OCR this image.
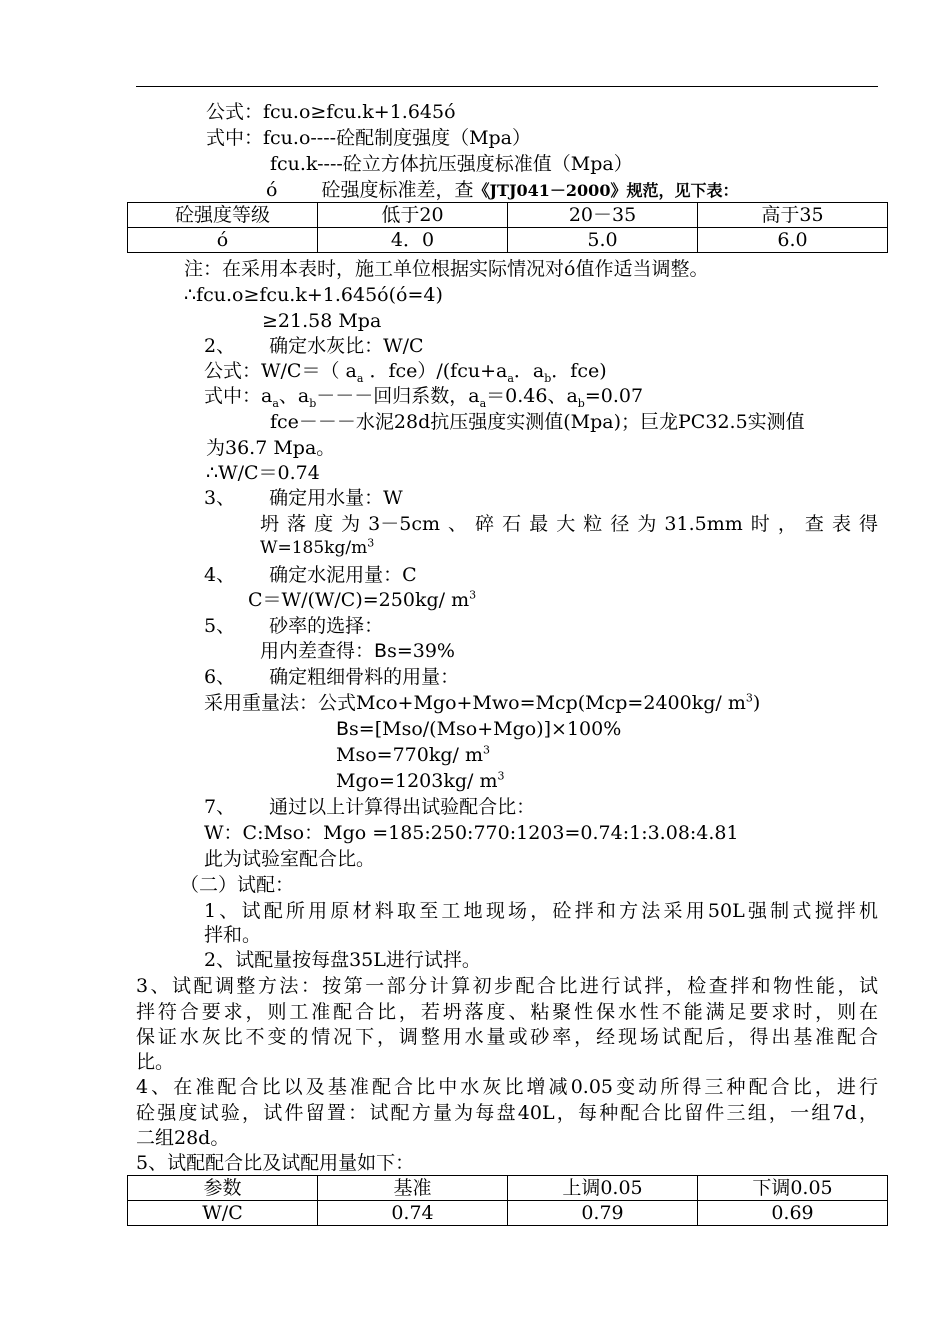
公式：fcu.o≥fcu.k+1.645ó
式中：fcu.o----砼配制度强度（Mpa）
fcu.k----砼立方体抗压强度标准值（Mpa）
ó 砼强度标准差，查《JTJ041－2000》规范，见下表：
砼强度等级	低于20	20－35	高于35
ó	4．0	5.0	6.0
注：在采用本表时，施工单位根据实际情况对ó值作适当调整。
∴fcu.o≥fcu.k+1.645ó(ó=4)
≥21.58 Mpa
2、 确定水灰比：W/C
公式：W/C＝（ $a_a$ ．$fce)/(fcu+a_a$．$a_b$．fce)
式中：$a_a$、$a_b---$回归系数，$a_a=0.46$、$a_b=0.07$
fce－－－水泥28d抗压强度实测值(Mpa)；巨龙PC32.5实测值
为36.7 Mpa。
∴W/C＝0.74
3、 确定用水量：W
坍落度为3－5cm、碎石最大粒径为31.5mm时，查表得
$W=185kg/m^3$
4、 确定水泥用量：C
C＝W/(W/C)=250kg/ $m^3$
5、 砂率的选择：
用内差查得：Bs=39%
6、 确定粗细骨料的用量：
采用重量法：公式Mco+Mgo+Mwo=Mcp(Mcp=2400kg/ $m^3$)
Bs=[Mso/(Mso+Mgo)]×100%
Mso=770kg/ $m^3$
Mgo=1203kg/ $m^3$
7、 通过以上计算得出试验配合比：
W：C:Mso：Mgo =185:250:770:1203=0.74:1:3.08:4.81
此为试验室配合比。
（二）试配：
1、试配所用原材料取至工地现场，砼拌和方法采用50L强制式搅拌机
拌和。
2、试配量按每盘35L进行试拌。
3、试配调整方法：按第一部分计算初步配合比进行试拌，检查拌和物性能，试
拌符合要求，则工准配合比，若坍落度、粘聚性保水性不能满足要求时，则在
保证水灰比不变的情况下，调整用水量或砂率，经现场试配后，得出基准配合
比。
4、在准配合比以及基准配合比中水灰比增减0.05变动所得三种配合比，进行
砼强度试验，试件留置：试配方量为每盘40L，每种配合比留件三组，一组7d，
二组28d。
5、试配配合比及试配用量如下：
参数	基准	上调0.05	下调0.05
W/C	0.74	0.79	0.69
